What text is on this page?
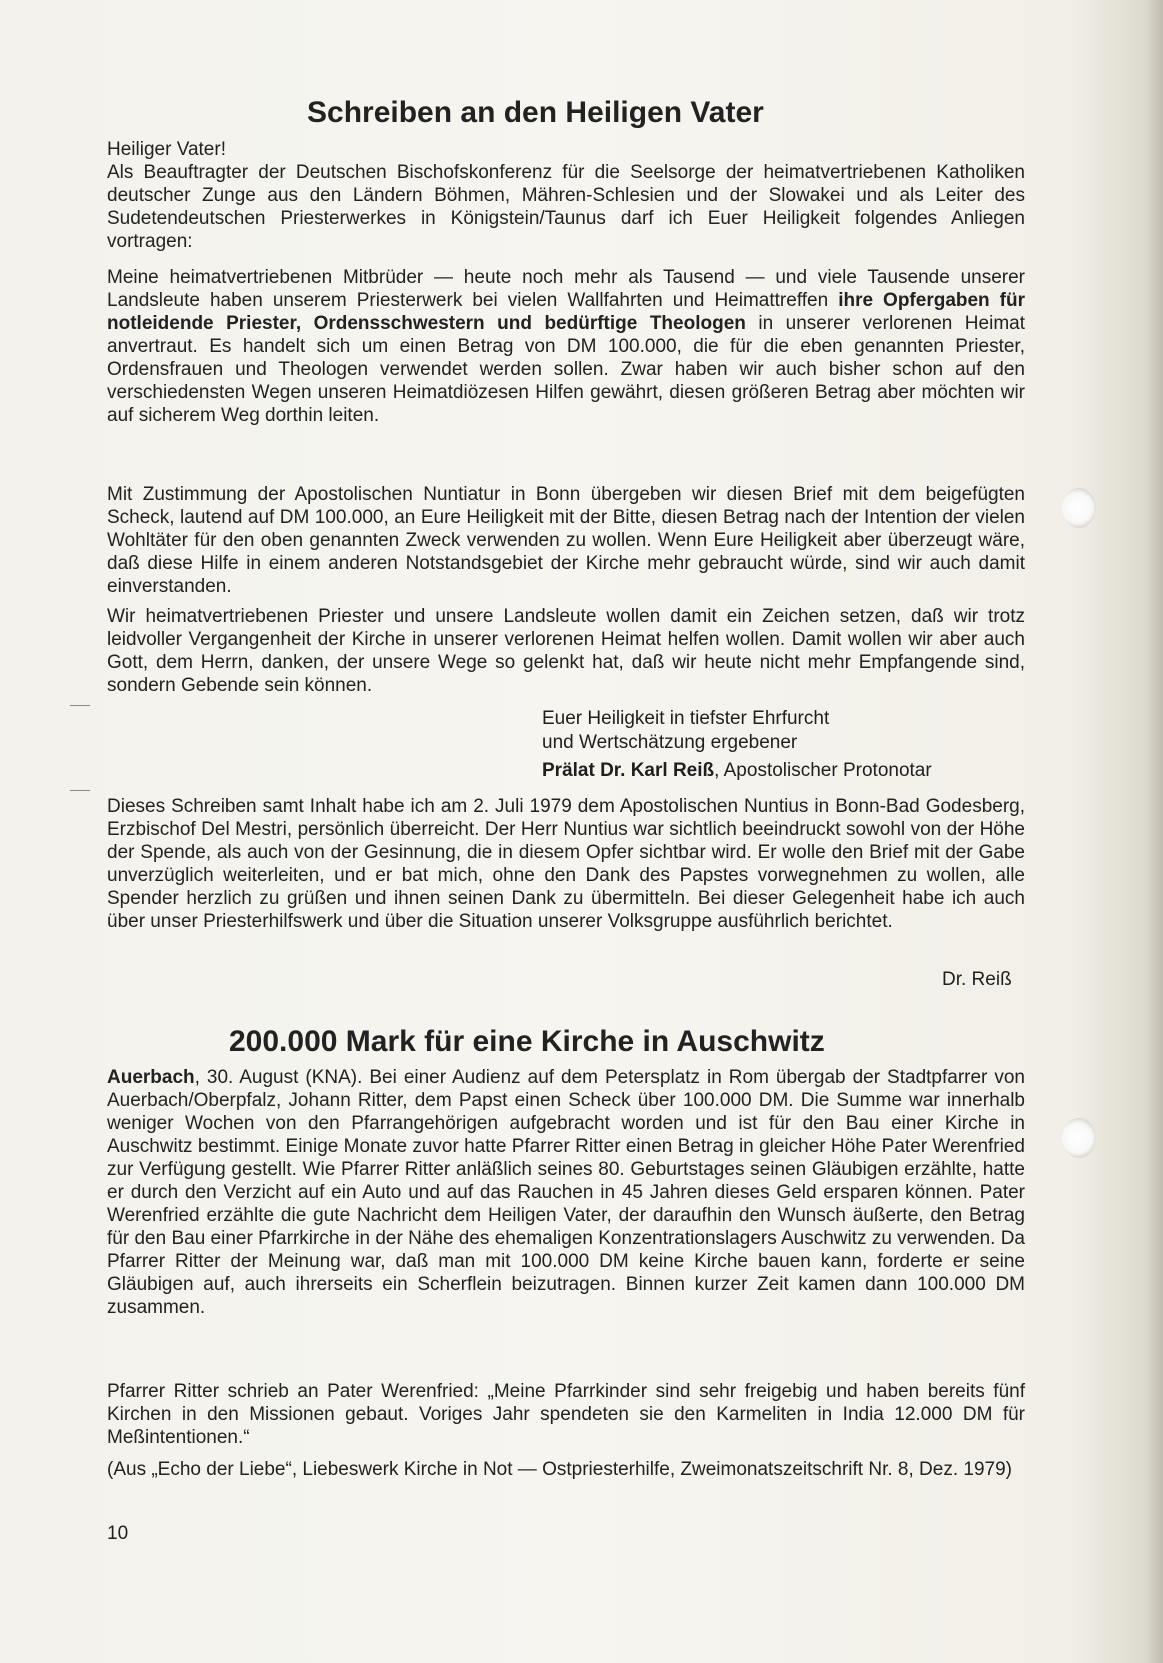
Schreiben an den Heiligen Vater

Heiliger Vater!

Als Beauftragter der Deutschen Bischofskonferenz für die Seelsorge der heimatvertriebenen Katholiken deutscher Zunge aus den Ländern Böhmen, Mähren-Schlesien und der Slowakei und als Leiter des Sudetendeutschen Priesterwerkes in Königstein/Taunus darf ich Euer Heiligkeit folgendes Anliegen vortragen:

Meine heimatvertriebenen Mitbrüder — heute noch mehr als Tausend — und viele Tausende unserer Landsleute haben unserem Priesterwerk bei vielen Wallfahrten und Heimattreffen ihre Opfergaben für notleidende Priester, Ordensschwestern und bedürftige Theologen in unserer verlorenen Heimat anvertraut. Es handelt sich um einen Betrag von DM 100.000, die für die eben genannten Priester, Ordensfrauen und Theologen verwendet werden sollen. Zwar haben wir auch bisher schon auf den verschiedensten Wegen unseren Heimatdiözesen Hilfen gewährt, diesen größeren Betrag aber möchten wir auf sicherem Weg dorthin leiten.

Mit Zustimmung der Apostolischen Nuntiatur in Bonn übergeben wir diesen Brief mit dem beigefügten Scheck, lautend auf DM 100.000, an Eure Heiligkeit mit der Bitte, diesen Betrag nach der Intention der vielen Wohltäter für den oben genannten Zweck verwenden zu wollen. Wenn Eure Heiligkeit aber überzeugt wäre, daß diese Hilfe in einem anderen Notstandsgebiet der Kirche mehr gebraucht würde, sind wir auch damit einverstanden.

Wir heimatvertriebenen Priester und unsere Landsleute wollen damit ein Zeichen setzen, daß wir trotz leidvoller Vergangenheit der Kirche in unserer verlorenen Heimat helfen wollen. Damit wollen wir aber auch Gott, dem Herrn, danken, der unsere Wege so gelenkt hat, daß wir heute nicht mehr Empfangende sind, sondern Gebende sein können.

Euer Heiligkeit in tiefster Ehrfurcht
und Wertschätzung ergebener
Prälat Dr. Karl Reiß, Apostolischer Protonotar

Dieses Schreiben samt Inhalt habe ich am 2. Juli 1979 dem Apostolischen Nuntius in Bonn-Bad Godesberg, Erzbischof Del Mestri, persönlich überreicht. Der Herr Nuntius war sichtlich beeindruckt sowohl von der Höhe der Spende, als auch von der Gesinnung, die in diesem Opfer sichtbar wird. Er wolle den Brief mit der Gabe unverzüglich weiterleiten, und er bat mich, ohne den Dank des Papstes vorwegnehmen zu wollen, alle Spender herzlich zu grüßen und ihnen seinen Dank zu übermitteln. Bei dieser Gelegenheit habe ich auch über unser Priesterhilfswerk und über die Situation unserer Volksgruppe ausführlich berichtet.

Dr. Reiß
200.000 Mark für eine Kirche in Auschwitz

Auerbach, 30. August (KNA). Bei einer Audienz auf dem Petersplatz in Rom übergab der Stadtpfarrer von Auerbach/Oberpfalz, Johann Ritter, dem Papst einen Scheck über 100.000 DM. Die Summe war innerhalb weniger Wochen von den Pfarrangehörigen aufgebracht worden und ist für den Bau einer Kirche in Auschwitz bestimmt. Einige Monate zuvor hatte Pfarrer Ritter einen Betrag in gleicher Höhe Pater Werenfried zur Verfügung gestellt. Wie Pfarrer Ritter anläßlich seines 80. Geburtstages seinen Gläubigen erzählte, hatte er durch den Verzicht auf ein Auto und auf das Rauchen in 45 Jahren dieses Geld ersparen können. Pater Werenfried erzählte die gute Nachricht dem Heiligen Vater, der daraufhin den Wunsch äußerte, den Betrag für den Bau einer Pfarrkirche in der Nähe des ehemaligen Konzentrationslagers Auschwitz zu verwenden. Da Pfarrer Ritter der Meinung war, daß man mit 100.000 DM keine Kirche bauen kann, forderte er seine Gläubigen auf, auch ihrerseits ein Scherflein beizutragen. Binnen kurzer Zeit kamen dann 100.000 DM zusammen.

Pfarrer Ritter schrieb an Pater Werenfried: „Meine Pfarrkinder sind sehr freigebig und haben bereits fünf Kirchen in den Missionen gebaut. Voriges Jahr spendeten sie den Karmeliten in India 12.000 DM für Meßintentionen.“

(Aus „Echo der Liebe“, Liebeswerk Kirche in Not — Ostpriesterhilfe, Zweimonatszeitschrift Nr. 8, Dez. 1979)

10
